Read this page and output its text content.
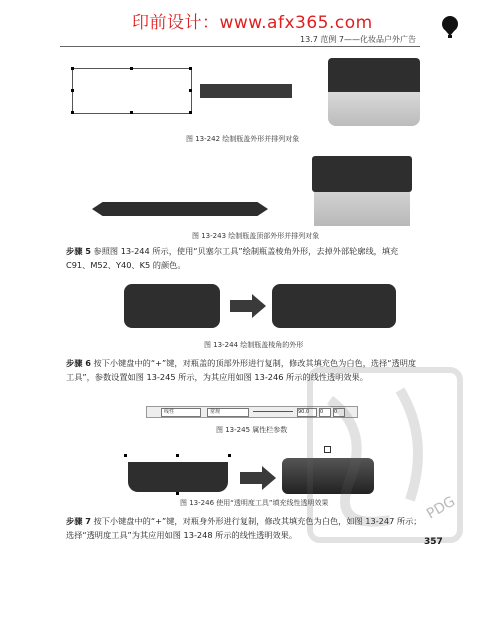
印前设计：www.afx365.com
13.7 范例 7——化妆品户外广告
图 13-242 绘制瓶盖外形并排列对象
图 13-243 绘制瓶盖顶部外形并排列对象
步骤 5 参照图 13-244 所示，使用“贝塞尔工具”绘制瓶盖棱角外形，去掉外部轮廓线，填充 C91、M52、Y40、K5 的颜色。
图 13-244 绘制瓶盖棱角的外形
步骤 6 按下小键盘中的“+”键，对瓶盖的顶部外形进行复制，修改其填充色为白色，选择“透明度工具”，参数设置如图 13-245 所示，为其应用如图 13-246 所示的线性透明效果。
线性	常规	90.0	0	0
图 13-245 属性栏参数
图 13-246 使用“透明度工具”填充线性透明效果
步骤 7 按下小键盘中的“+”键，对瓶身外形进行复制，修改其填充色为白色，如图 13-247 所示；选择“透明度工具”为其应用如图 13-248 所示的线性透明效果。
357
PDG
